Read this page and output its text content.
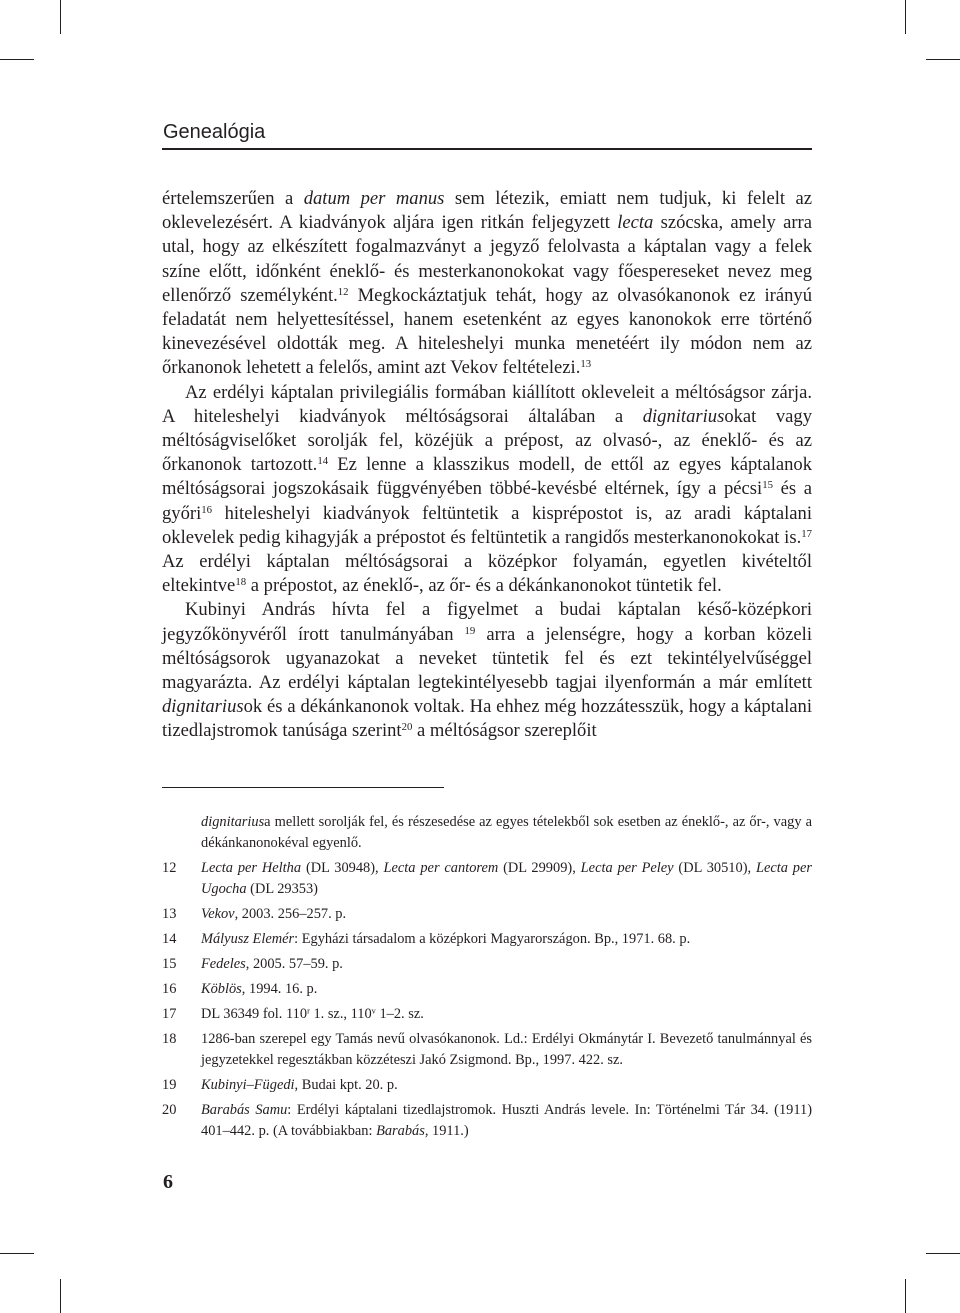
Genealógia

értelemszerűen a datum per manus sem létezik, emiatt nem tudjuk, ki felelt az oklevelezésért. A kiadványok aljára igen ritkán feljegyzett lecta szócska, amely arra utal, hogy az elkészített fogalmazványt a jegyző felolvasta a káptalan vagy a felek színe előtt, időnként éneklő- és mesterkanonokokat vagy főespereseket nevez meg ellenőrző személyként.$^{12}$ Megkockáztatjuk tehát, hogy az olvasókanonok ez irányú feladatát nem helyettesítéssel, hanem esetenként az egyes kanonokok erre történő kinevezésével oldották meg. A hiteleshelyi munka menetéért ily módon nem az őrkanonok lehetett a felelős, amint azt Vekov feltételezi.$^{13}$

Az erdélyi káptalan privilegiális formában kiállított okleveleit a méltóságsor zárja. A hiteleshelyi kiadványok méltóságsorai általában a dignitariusokat vagy méltóságviselőket sorolják fel, közéjük a prépost, az olvasó-, az éneklő- és az őrkanonok tartozott.$^{14}$ Ez lenne a klasszikus modell, de ettől az egyes káptalanok méltóságsorai jogszokásaik függvényében többé-kevésbé eltérnek, így a pécsi$^{15}$ és a győri$^{16}$ hiteleshelyi kiadványok feltüntetik a kisprépostot is, az aradi káptalani oklevelek pedig kihagyják a prépostot és feltüntetik a rangidős mesterkanonokokat is.$^{17}$ Az erdélyi káptalan méltóságsorai a középkor folyamán, egyetlen kivételtől eltekintve$^{18}$ a prépostot, az éneklő-, az őr- és a dékánkanonokot tüntetik fel.

Kubinyi András hívta fel a figyelmet a budai káptalan késő-középkori jegyzőkönyvéről írott tanulmányában $^{19}$ arra a jelenségre, hogy a korban közeli méltóságsorok ugyanazokat a neveket tüntetik fel és ezt tekintélyelvűséggel magyarázta. Az erdélyi káptalan legtekintélyesebb tagjai ilyenformán a már említett dignitariusok és a dékánkanonok voltak. Ha ehhez még hozzátesszük, hogy a káptalani tizedlajstromok tanúsága szerint$^{20}$ a méltóságsor szereplőit

dignitariusa mellett sorolják fel, és részesedése az egyes tételekből sok esetben az éneklő-, az őr-, vagy a dékánkanonokéval egyenlő.
12 Lecta per Heltha (DL 30948), Lecta per cantorem (DL 29909), Lecta per Peley (DL 30510), Lecta per Ugocha (DL 29353)
13 Vekov, 2003. 256–257. p.
14 Mályusz Elemér: Egyházi társadalom a középkori Magyarországon. Bp., 1971. 68. p.
15 Fedeles, 2005. 57–59. p.
16 Köblös, 1994. 16. p.
17 DL 36349 fol. 110$^r$ 1. sz., 110$^v$ 1–2. sz.
18 1286-ban szerepel egy Tamás nevű olvasókanonok. Ld.: Erdélyi Okmánytár I. Bevezető tanulmánnyal és jegyzetekkel regesztákban közzéteszi Jakó Zsigmond. Bp., 1997. 422. sz.
19 Kubinyi–Fügedi, Budai kpt. 20. p.
20 Barabás Samu: Erdélyi káptalani tizedlajstromok. Huszti András levele. In: Történelmi Tár 34. (1911) 401–442. p. (A továbbiakban: Barabás, 1911.)
6
